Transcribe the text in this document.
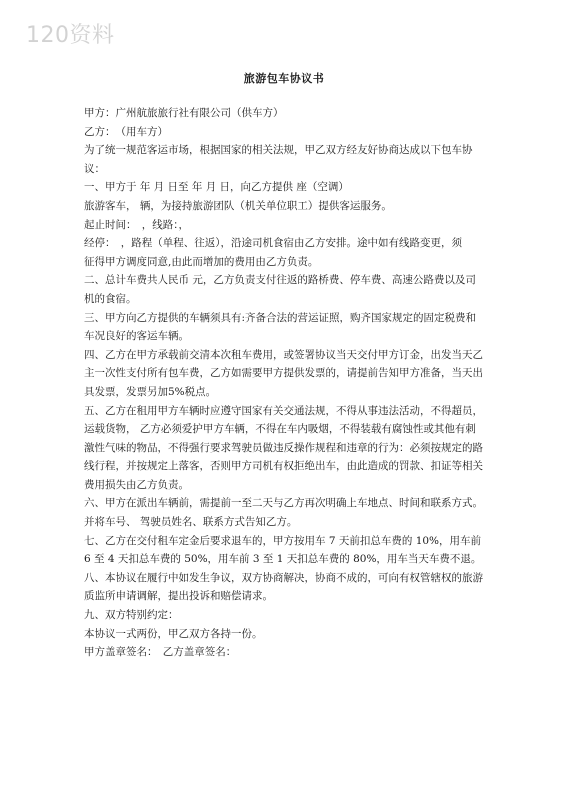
120资料
旅游包车协议书

甲方：广州航旅旅行社有限公司（供车方）

乙方：　（用车方）

为了统一规范客运市场，根据国家的相关法规，甲乙双方经友好协商达成以下包车协议：

一、甲方于 年 月 日至 年 月 日，向乙方提供 座（空调）

旅游客车， 辆，为接持旅游团队（机关单位职工）提供客运服务。

起止时间：　，线路：，

经停：　，路程（单程、往返），沿途司机食宿由乙方安排。途中如有线路变更，须

征得甲方调度同意,由此而增加的费用由乙方负责。

二、总计车费共人民币 元，乙方负责支付往返的路桥费、停车费、高速公路费以及司机的食宿。

三、甲方向乙方提供的车辆须具有:齐备合法的营运证照，购齐国家规定的固定税费和车况良好的客运车辆。

四、乙方在甲方承载前交清本次租车费用，或签署协议当天交付甲方订金，出发当天乙主一次性支付所有包车费，乙方如需要甲方提供发票的，请提前告知甲方准备，当天出具发票，发票另加5%税点。

五、乙方在租用甲方车辆时应遵守国家有关交通法规，不得从事违法活动，不得超员，运载货物， 乙方必须爱护甲方车辆，不得在车内吸烟，不得装载有腐蚀性或其他有刺激性气味的物品，不得强行要求驾驶员做违反操作规程和违章的行为：必须按规定的路线行程，并按规定上落客，否则甲方司机有权拒绝出车，由此造成的罚款、扣证等相关费用损失由乙方负责。

六、甲方在派出车辆前，需提前一至二天与乙方再次明确上车地点、时间和联系方式。并将车号、 驾驶员姓名、联系方式告知乙方。

七、乙方在交付租车定金后要求退车的，甲方按用车 7 天前扣总车费的 10%，用车前 6 至 4 天扣总车费的 50%，用车前 3 至 1 天扣总车费的 80%，用车当天车费不退。

八、本协议在履行中如发生争议，双方协商解决，协商不成的，可向有权管辖权的旅游质监所申请调解，提出投诉和赔偿请求。

九、双方特别约定：

本协议一式两份，甲乙双方各持一份。

甲方盖章签名：　乙方盖章签名：
